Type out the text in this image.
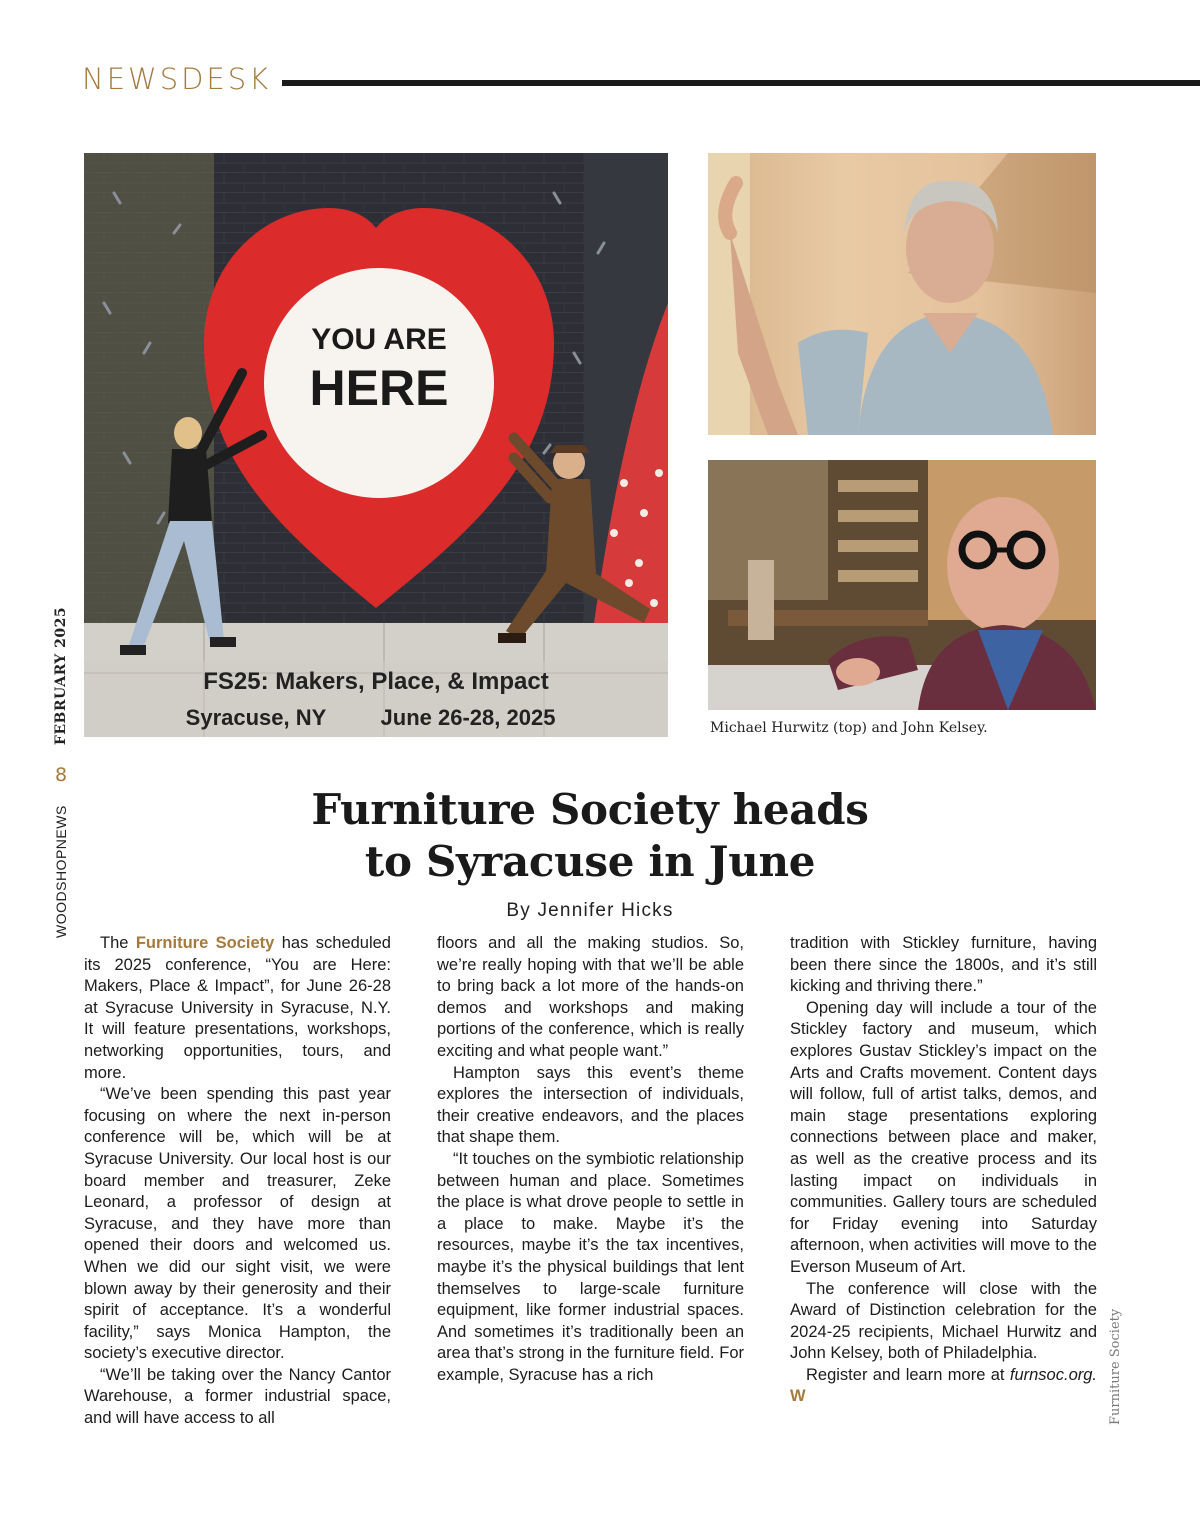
NEWSDESK
WOODSHOPNEWS
8
FEBRUARY 2025
YOU ARE
HERE
FS25: Makers, Place, & Impact
Syracuse, NY June 26-28, 2025	Michael Hurwitz (top) and John Kelsey.
Furniture Society heads
to Syracuse in June
By Jennifer Hicks

The Furniture Society has scheduled its 2025 conference, “You are Here: Makers, Place & Impact”, for June 26-28 at Syracuse University in Syracuse, N.Y. It will feature presentations, workshops, networking opportunities, tours, and more.

“We’ve been spending this past year focusing on where the next in-person conference will be, which will be at Syracuse University. Our local host is our board member and treasurer, Zeke Leonard, a professor of design at Syracuse, and they have more than opened their doors and welcomed us. When we did our sight visit, we were blown away by their generosity and their spirit of acceptance. It’s a wonderful facility,” says Monica Hampton, the society’s executive director.

“We’ll be taking over the Nancy Cantor Warehouse, a former industrial space, and will have access to all

floors and all the making studios. So, we’re really hoping with that we’ll be able to bring back a lot more of the hands-on demos and workshops and making portions of the conference, which is really exciting and what people want.”

Hampton says this event’s theme explores the intersection of individuals, their creative endeavors, and the places that shape them.

“It touches on the symbiotic relationship between human and place. Sometimes the place is what drove people to settle in a place to make. Maybe it’s the resources, maybe it’s the tax incentives, maybe it’s the physical buildings that lent themselves to large-scale furniture equipment, like former industrial spaces. And sometimes it’s traditionally been an area that’s strong in the furniture field. For example, Syracuse has a rich

tradition with Stickley furniture, having been there since the 1800s, and it’s still kicking and thriving there.”

Opening day will include a tour of the Stickley factory and museum, which explores Gustav Stickley’s impact on the Arts and Crafts movement. Content days will follow, full of artist talks, demos, and main stage presentations exploring connections between place and maker, as well as the creative process and its lasting impact on individuals in communities. Gallery tours are scheduled for Friday evening into Saturday afternoon, when activities will move to the Everson Museum of Art.

The conference will close with the Award of Distinction celebration for the 2024-25 recipients, Michael Hurwitz and John Kelsey, both of Philadelphia.

Register and learn more at furnsoc.org. W	Furniture Society
